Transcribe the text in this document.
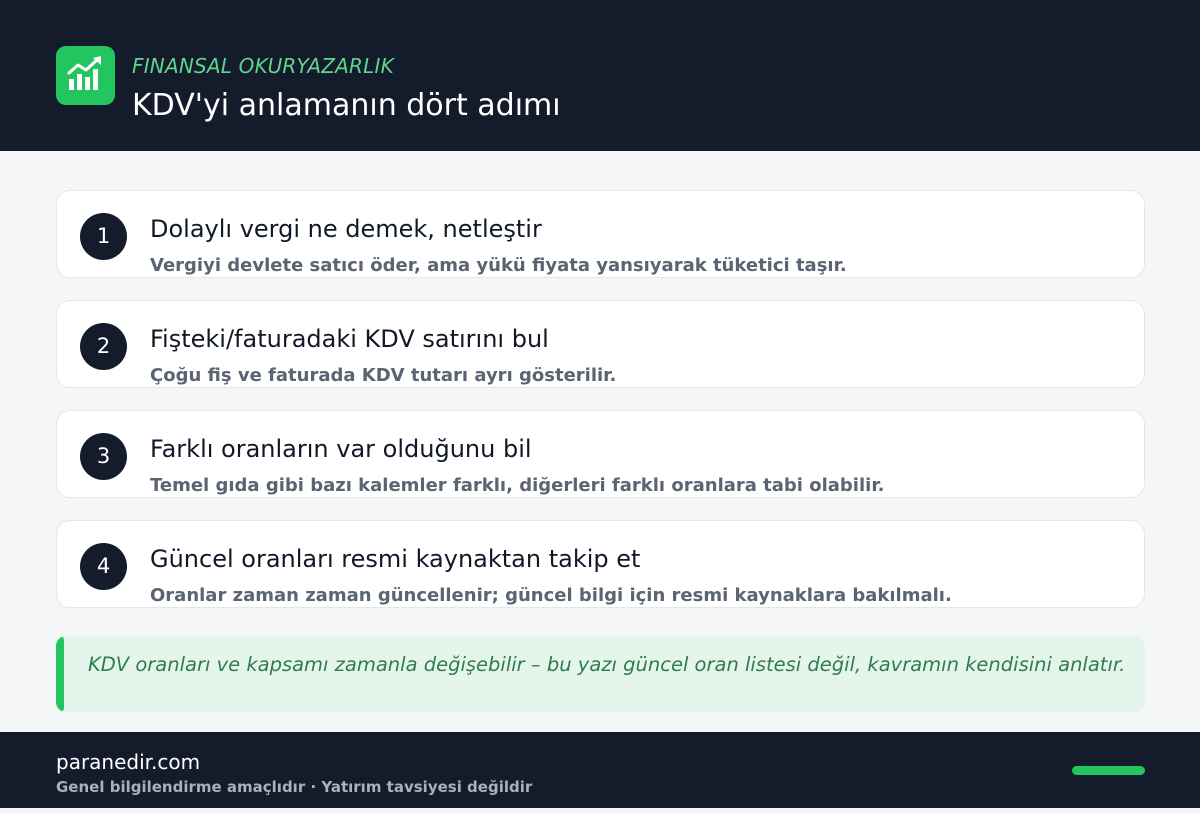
FINANSAL OKURYAZARLIK
KDV'yi anlamanın dört adımı
1	Dolaylı vergi ne demek, netleştir
Vergiyi devlete satıcı öder, ama yükü fiyata yansıyarak tüketici taşır.
2	Fişteki/faturadaki KDV satırını bul
Çoğu fiş ve faturada KDV tutarı ayrı gösterilir.
3	Farklı oranların var olduğunu bil
Temel gıda gibi bazı kalemler farklı, diğerleri farklı oranlara tabi olabilir.
4	Güncel oranları resmi kaynaktan takip et
Oranlar zaman zaman güncellenir; güncel bilgi için resmi kaynaklara bakılmalı.
KDV oranları ve kapsamı zamanla değişebilir – bu yazı güncel oran listesi değil, kavramın kendisini anlatır.
paranedir.com
Genel bilgilendirme amaçlıdır · Yatırım tavsiyesi değildir
